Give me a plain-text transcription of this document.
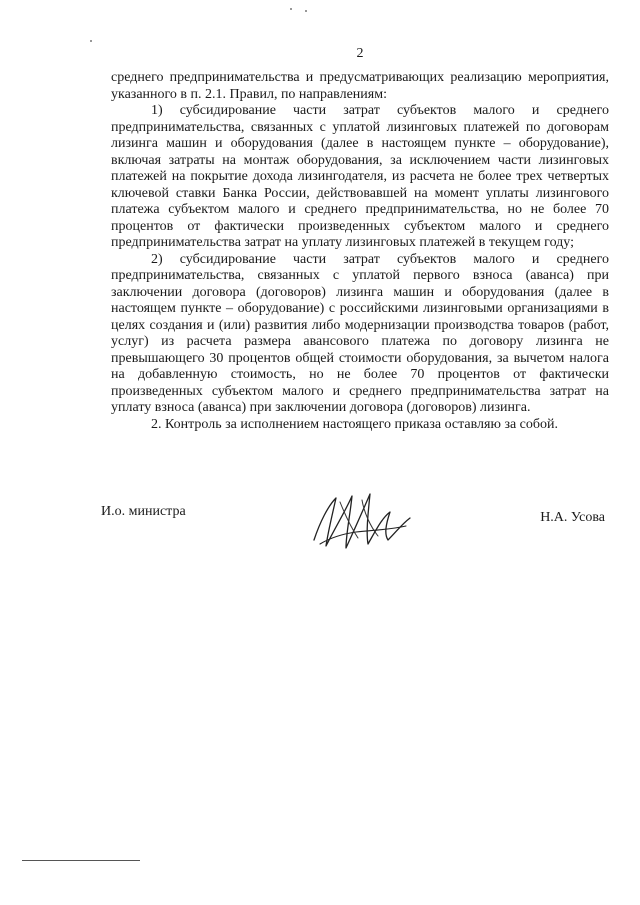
2

среднего предпринимательства и предусматривающих реализацию мероприятия, указанного в п. 2.1. Правил, по направлениям:

1) субсидирование части затрат субъектов малого и среднего предпринимательства, связанных с уплатой лизинговых платежей по договорам лизинга машин и оборудования (далее в настоящем пункте – оборудование), включая затраты на монтаж оборудования, за исключением части лизинговых платежей на покрытие дохода лизингодателя, из расчета не более трех четвертых ключевой ставки Банка России, действовавшей на момент уплаты лизингового платежа субъектом малого и среднего предпринимательства, но не более 70 процентов от фактически произведенных субъектом малого и среднего предпринимательства затрат на уплату лизинговых платежей в текущем году;

2) субсидирование части затрат субъектов малого и среднего предпринимательства, связанных с уплатой первого взноса (аванса) при заключении договора (договоров) лизинга машин и оборудования (далее в настоящем пункте – оборудование) с российскими лизинговыми организациями в целях создания и (или) развития либо модернизации производства товаров (работ, услуг) из расчета размера авансового платежа по договору лизинга не превышающего 30 процентов общей стоимости оборудования, за вычетом налога на добавленную стоимость, но не более 70 процентов от фактически произведенных субъектом малого и среднего предпринимательства затрат на уплату взноса (аванса) при заключении договора (договоров) лизинга.

2. Контроль за исполнением настоящего приказа оставляю за собой.

И.о. министра	Н.А. Усова
